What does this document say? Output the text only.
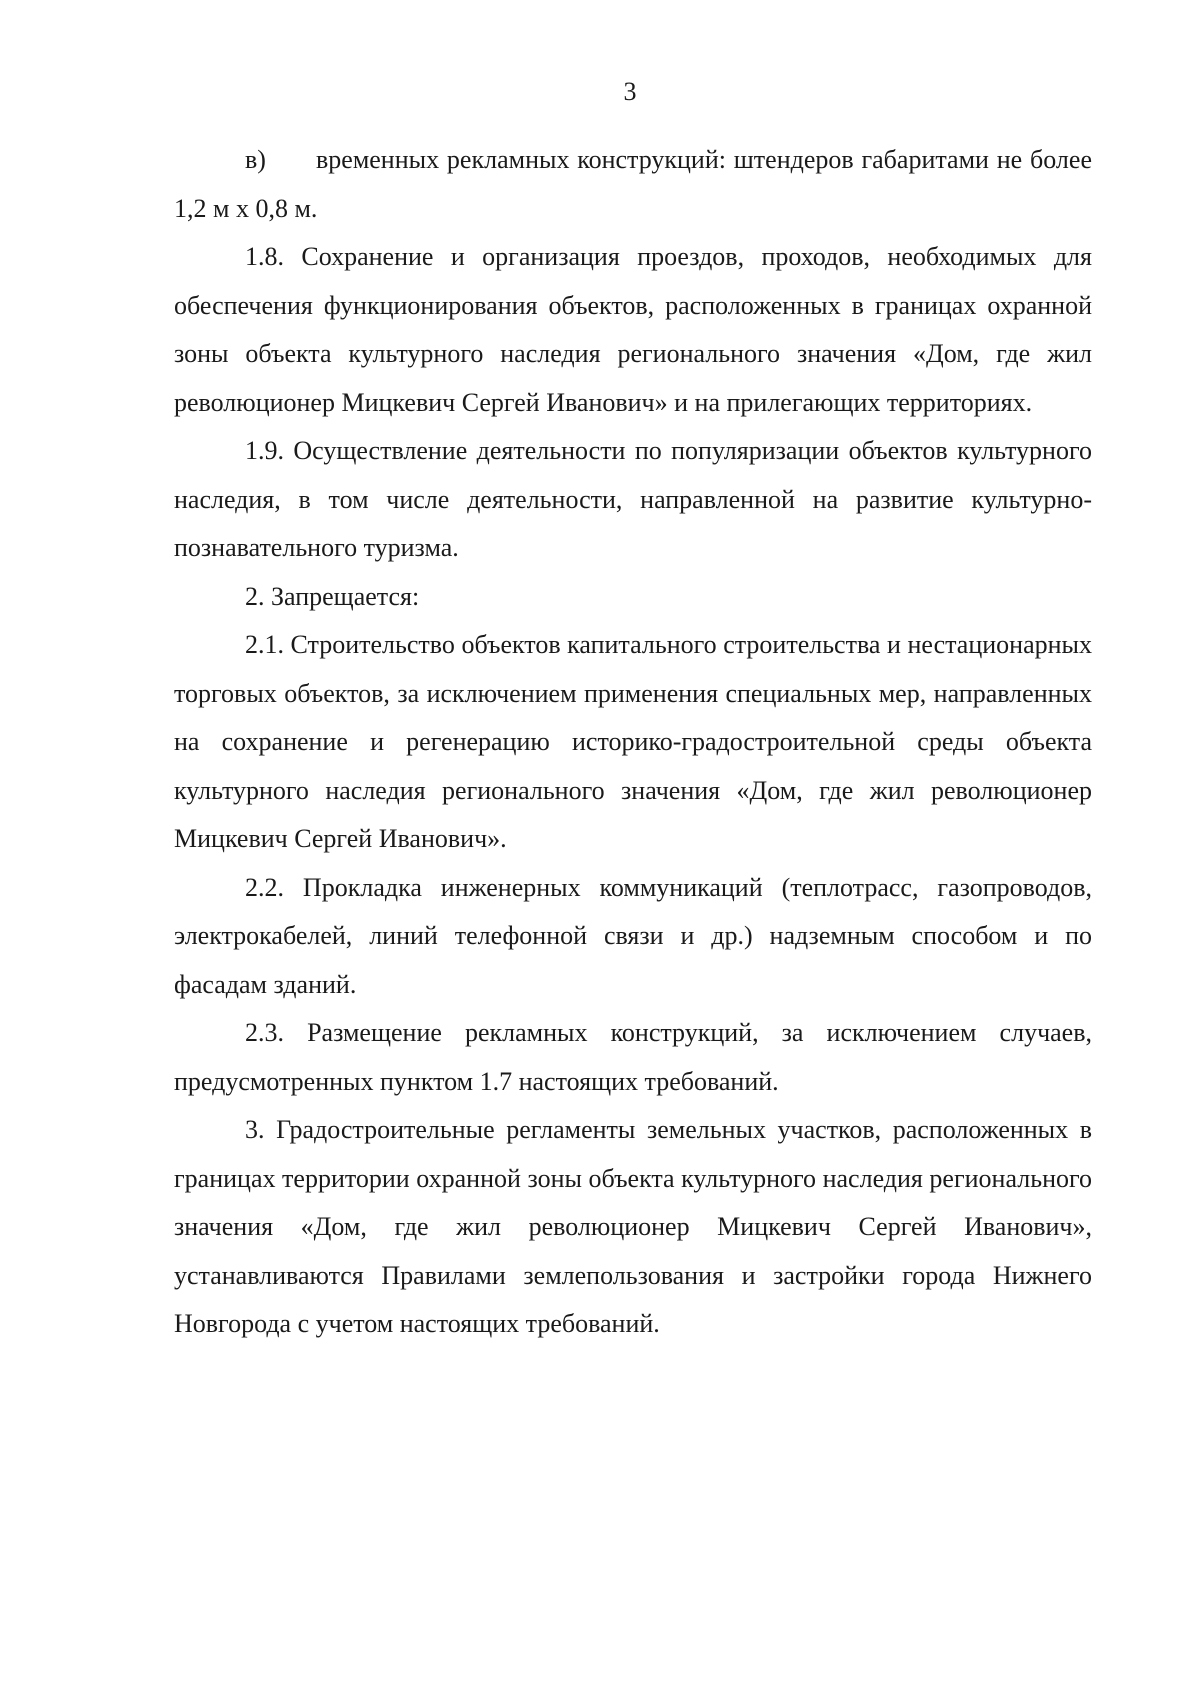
3

в) временных рекламных конструкций: штендеров габаритами не более 1,2 м х 0,8 м.

1.8. Сохранение и организация проездов, проходов, необходимых для обеспечения функционирования объектов, расположенных в границах охранной зоны объекта культурного наследия регионального значения «Дом, где жил революционер Мицкевич Сергей Иванович» и на прилегающих территориях.

1.9. Осуществление деятельности по популяризации объектов культурного наследия, в том числе деятельности, направленной на развитие культурно-познавательного туризма.

2. Запрещается:

2.1. Строительство объектов капитального строительства и нестационарных торговых объектов, за исключением применения специальных мер, направленных на сохранение и регенерацию историко-градостроительной среды объекта культурного наследия регионального значения «Дом, где жил революционер Мицкевич Сергей Иванович».

2.2. Прокладка инженерных коммуникаций (теплотрасс, газопроводов, электрокабелей, линий телефонной связи и др.) надземным способом и по фасадам зданий.

2.3. Размещение рекламных конструкций, за исключением случаев, предусмотренных пунктом 1.7 настоящих требований.

3. Градостроительные регламенты земельных участков, расположенных в границах территории охранной зоны объекта культурного наследия регионального значения «Дом, где жил революционер Мицкевич Сергей Иванович», устанавливаются Правилами землепользования и застройки города Нижнего Новгорода с учетом настоящих требований.
